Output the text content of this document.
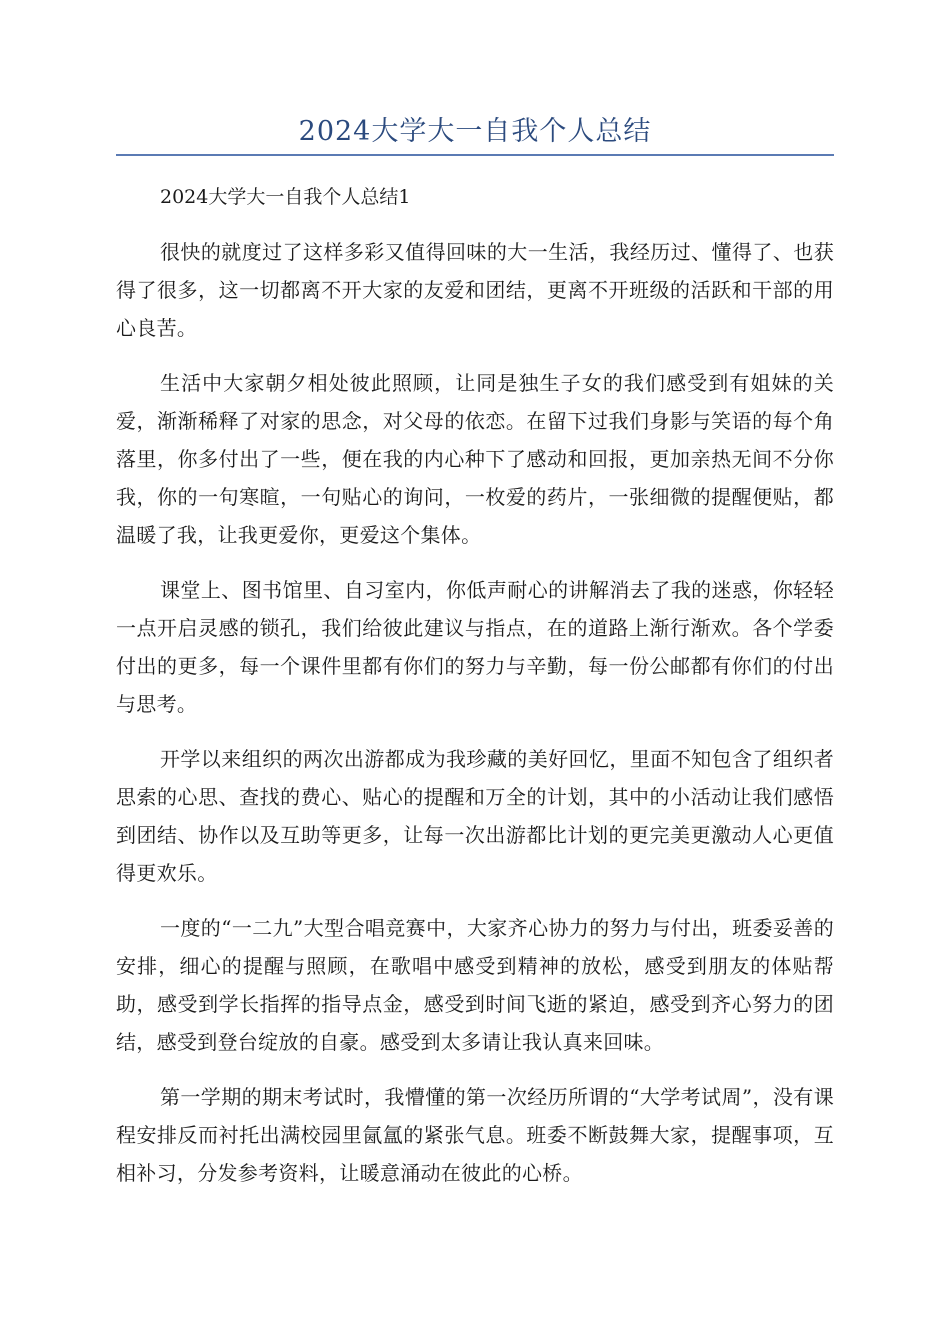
2024大学大一自我个人总结

2024大学大一自我个人总结1

很快的就度过了这样多彩又值得回味的大一生活，我经历过、懂得了、也获得了很多，这一切都离不开大家的友爱和团结，更离不开班级的活跃和干部的用心良苦。

生活中大家朝夕相处彼此照顾，让同是独生子女的我们感受到有姐妹的关爱，渐渐稀释了对家的思念，对父母的依恋。在留下过我们身影与笑语的每个角落里，你多付出了一些，便在我的内心种下了感动和回报，更加亲热无间不分你我，你的一句寒暄，一句贴心的询问，一枚爱的药片，一张细微的提醒便贴，都温暖了我，让我更爱你，更爱这个集体。

课堂上、图书馆里、自习室内，你低声耐心的讲解消去了我的迷惑，你轻轻一点开启灵感的锁孔，我们给彼此建议与指点，在的道路上渐行渐欢。各个学委付出的更多，每一个课件里都有你们的努力与辛勤，每一份公邮都有你们的付出与思考。

开学以来组织的两次出游都成为我珍藏的美好回忆，里面不知包含了组织者思索的心思、查找的费心、贴心的提醒和万全的计划，其中的小活动让我们感悟到团结、协作以及互助等更多，让每一次出游都比计划的更完美更激动人心更值得更欢乐。

一度的“一二九”大型合唱竞赛中，大家齐心协力的努力与付出，班委妥善的安排，细心的提醒与照顾，在歌唱中感受到精神的放松，感受到朋友的体贴帮助，感受到学长指挥的指导点金，感受到时间飞逝的紧迫，感受到齐心努力的团结，感受到登台绽放的自豪。感受到太多请让我认真来回味。

第一学期的期末考试时，我懵懂的第一次经历所谓的“大学考试周”，没有课程安排反而衬托出满校园里氤氲的紧张气息。班委不断鼓舞大家，提醒事项，互相补习，分发参考资料，让暖意涌动在彼此的心桥。
